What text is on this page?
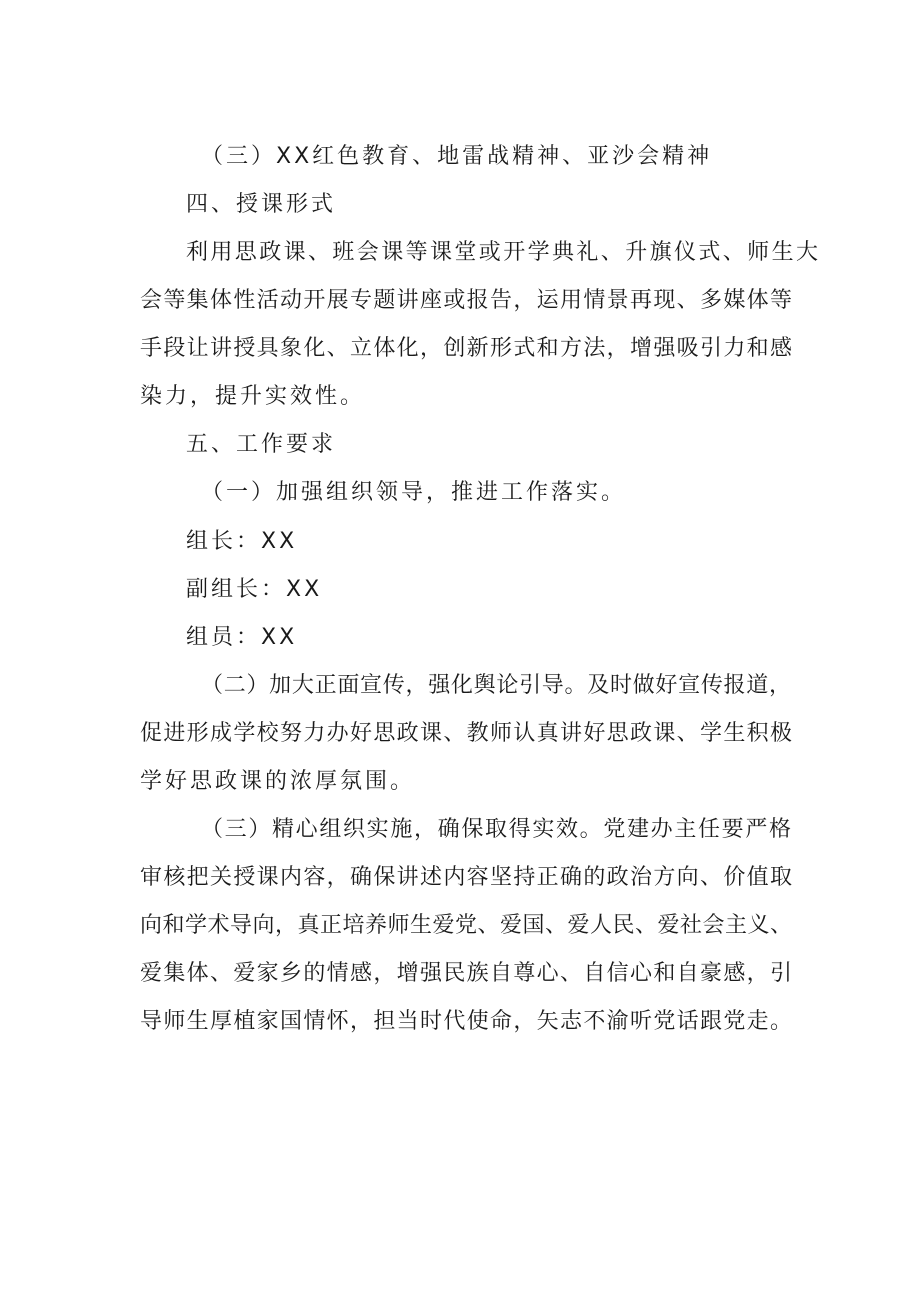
（三）XX红色教育、地雷战精神、亚沙会精神
四、授课形式
利用思政课、班会课等课堂或开学典礼、升旗仪式、师生大
会等集体性活动开展专题讲座或报告，运用情景再现、多媒体等
手段让讲授具象化、立体化，创新形式和方法，增强吸引力和感
染力，提升实效性。
五、工作要求
（一）加强组织领导，推进工作落实。
组长：XX
副组长：XX
组员：XX
（二）加大正面宣传，强化舆论引导。及时做好宣传报道，
促进形成学校努力办好思政课、教师认真讲好思政课、学生积极
学好思政课的浓厚氛围。
（三）精心组织实施，确保取得实效。党建办主任要严格
审核把关授课内容，确保讲述内容坚持正确的政治方向、价值取
向和学术导向，真正培养师生爱党、爱国、爱人民、爱社会主义、
爱集体、爱家乡的情感，增强民族自尊心、自信心和自豪感，引
导师生厚植家国情怀，担当时代使命，矢志不渝听党话跟党走。
